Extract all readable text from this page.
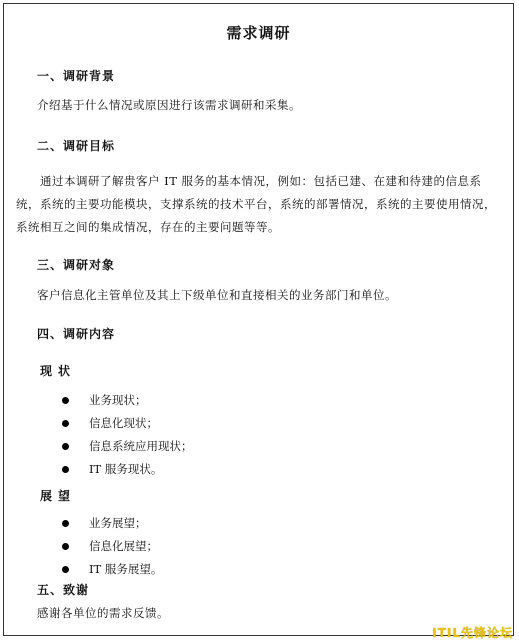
需求调研
一、调研背景
介绍基于什么情况或原因进行该需求调研和采集。
二、调研目标
通过本调研了解贵客户 IT 服务的基本情况，例如：包括已建、在建和待建的信息系统，系统的主要功能模块，支撑系统的技术平台，系统的部署情况，系统的主要使用情况，系统相互之间的集成情况，存在的主要问题等等。
三、调研对象
客户信息化主管单位及其上下级单位和直接相关的业务部门和单位。
四、调研内容
现状
业务现状；
信息化现状；
信息系统应用现状；
IT 服务现状。
展望
业务展望；
信息化展望；
IT 服务展望。
五、致谢
感谢各单位的需求反馈。
ITIL先锋论坛
